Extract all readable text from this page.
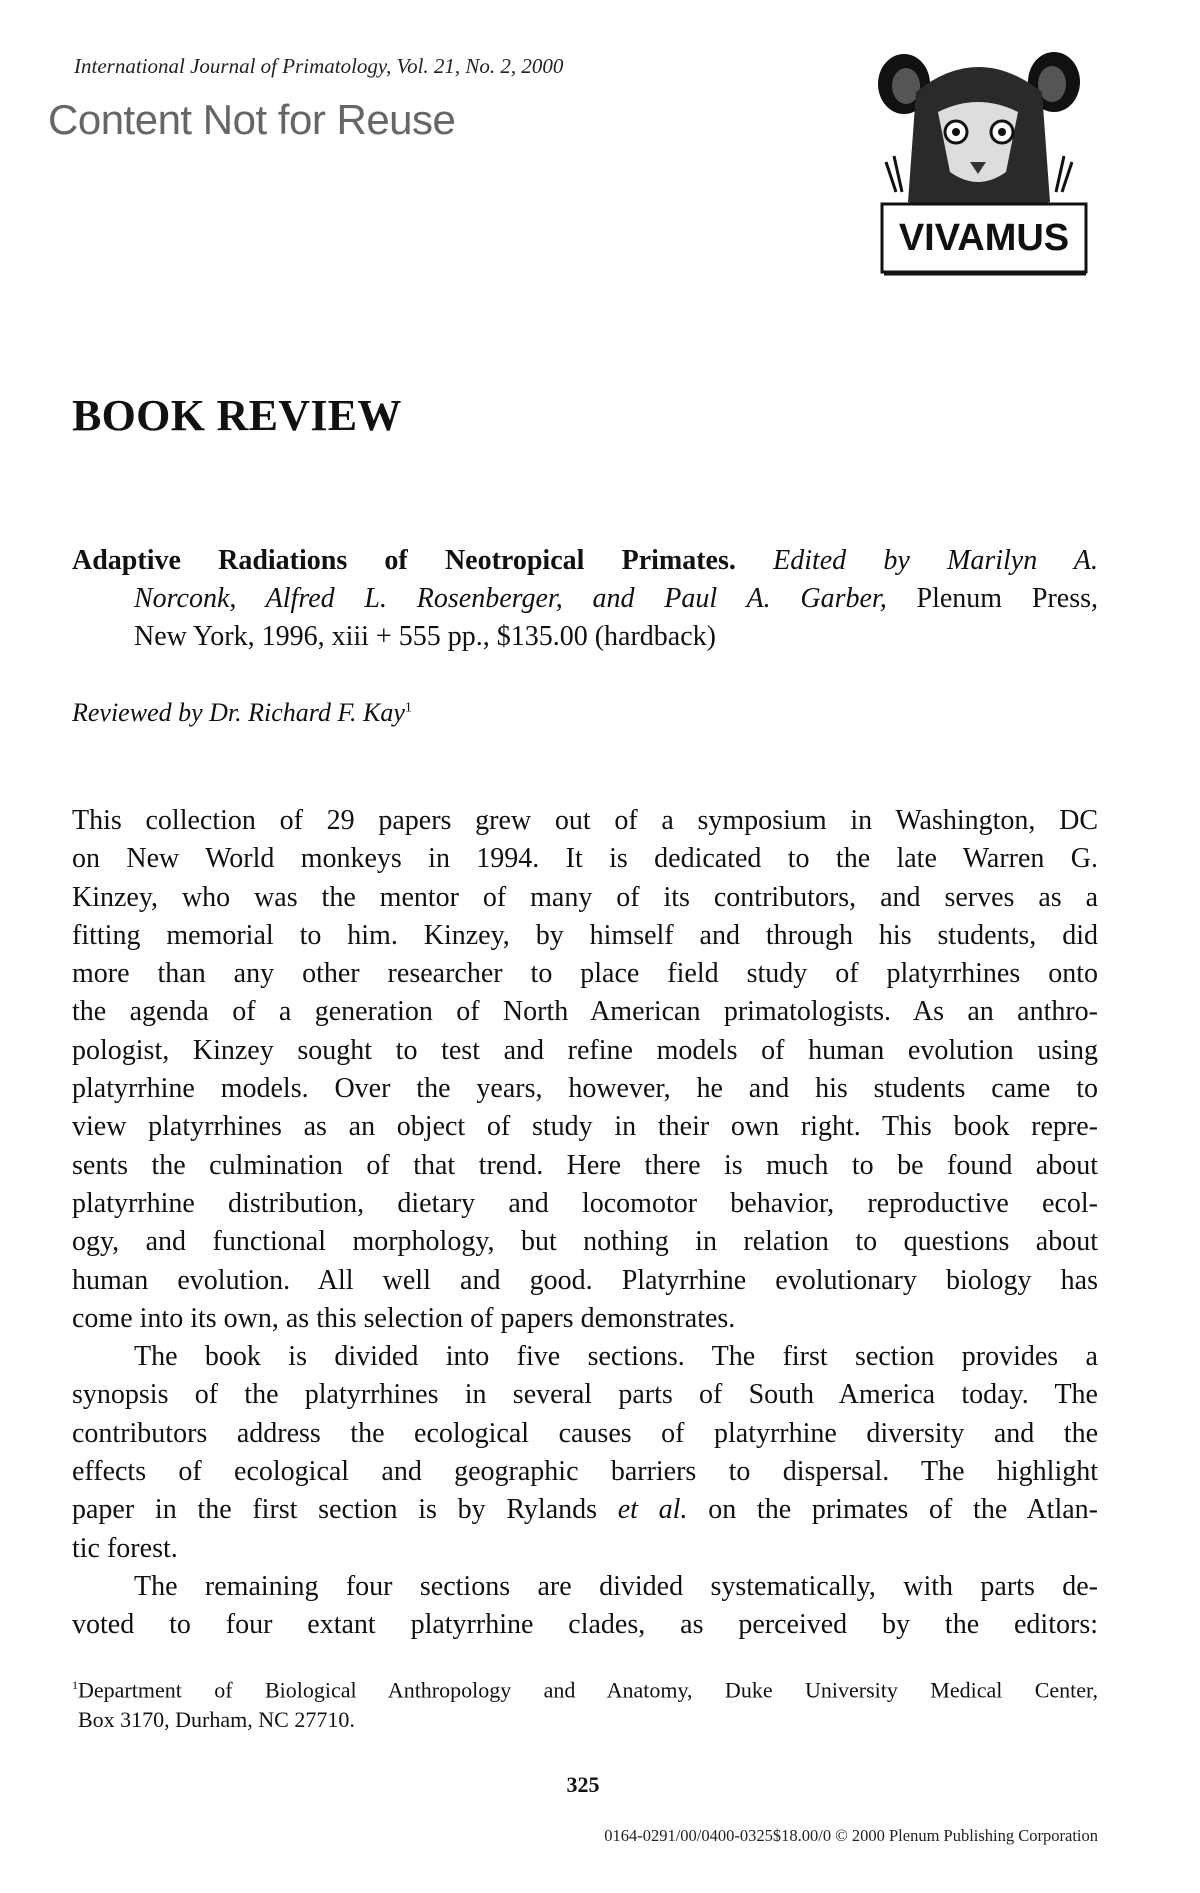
International Journal of Primatology, Vol. 21, No. 2, 2000
Content Not for Reuse
VIVAMUS
BOOK REVIEW
Adaptive Radiations of Neotropical Primates. Edited by Marilyn A.
Norconk, Alfred L. Rosenberger, and Paul A. Garber, Plenum Press,
New York, 1996, xiii + 555 pp., $135.00 (hardback)
Reviewed by Dr. Richard F. Kay$^1$
This collection of 29 papers grew out of a symposium in Washington, DC
on New World monkeys in 1994. It is dedicated to the late Warren G.
Kinzey, who was the mentor of many of its contributors, and serves as a
fitting memorial to him. Kinzey, by himself and through his students, did
more than any other researcher to place field study of platyrrhines onto
the agenda of a generation of North American primatologists. As an anthro-
pologist, Kinzey sought to test and refine models of human evolution using
platyrrhine models. Over the years, however, he and his students came to
view platyrrhines as an object of study in their own right. This book repre-
sents the culmination of that trend. Here there is much to be found about
platyrrhine distribution, dietary and locomotor behavior, reproductive ecol-
ogy, and functional morphology, but nothing in relation to questions about
human evolution. All well and good. Platyrrhine evolutionary biology has
come into its own, as this selection of papers demonstrates.
The book is divided into five sections. The first section provides a
synopsis of the platyrrhines in several parts of South America today. The
contributors address the ecological causes of platyrrhine diversity and the
effects of ecological and geographic barriers to dispersal. The highlight
paper in the first section is by Rylands et al. on the primates of the Atlan-
tic forest.
The remaining four sections are divided systematically, with parts de-
voted to four extant platyrrhine clades, as perceived by the editors:
$^1$Department of Biological Anthropology and Anatomy, Duke University Medical Center,
Box 3170, Durham, NC 27710.
325
0164-0291/00/0400-0325$18.00/0 © 2000 Plenum Publishing Corporation
